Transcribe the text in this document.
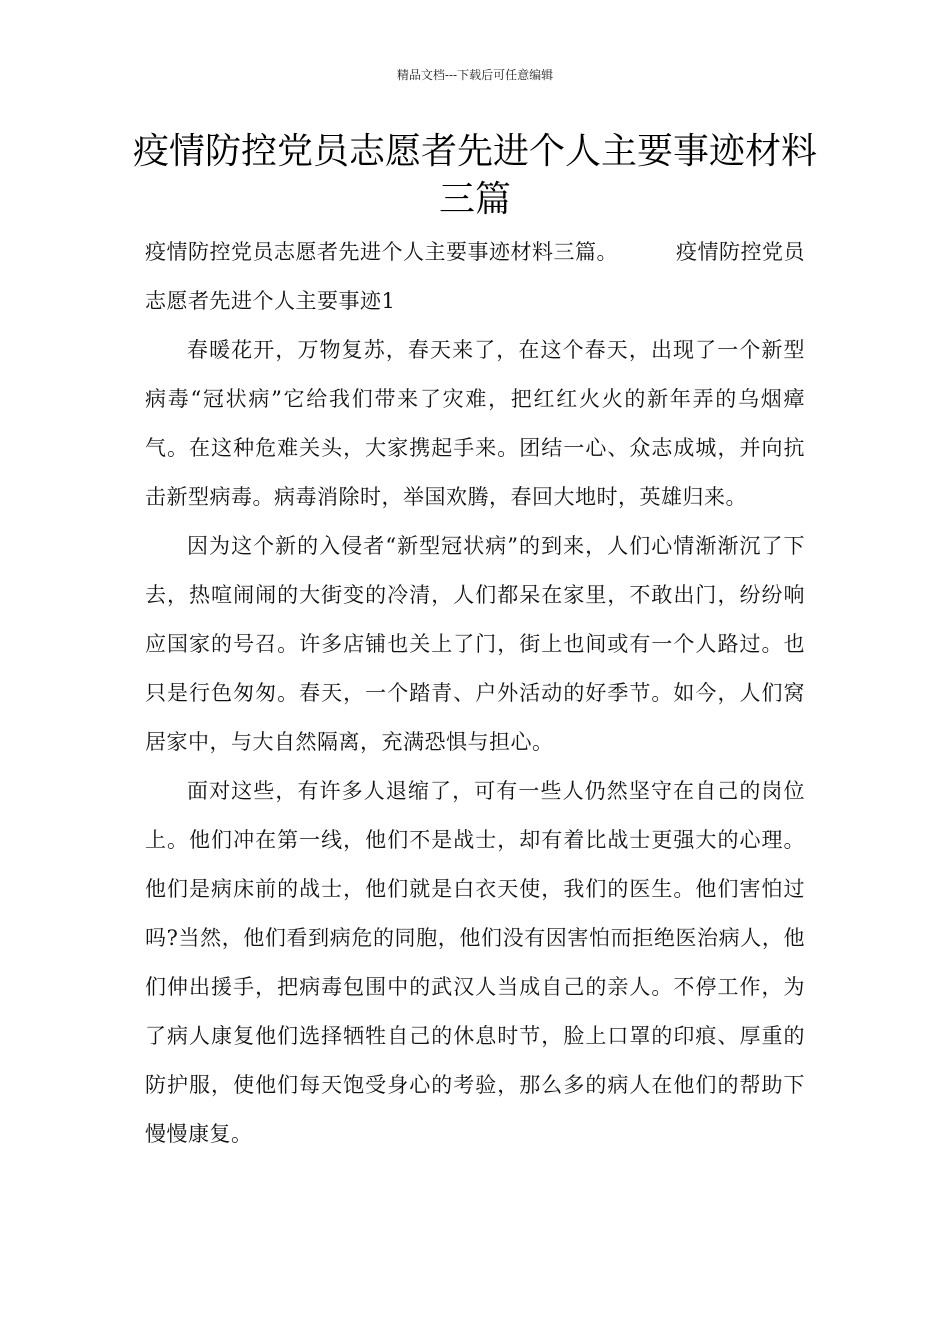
精品文档---下载后可任意编辑
疫情防控党员志愿者先进个人主要事迹材料三篇

疫情防控党员志愿者先进个人主要事迹材料三篇。	疫情防控党员志愿者先进个人主要事迹1

春暖花开，万物复苏，春天来了，在这个春天，出现了一个新型病毒“冠状病”它给我们带来了灾难，把红红火火的新年弄的乌烟瘴气。在这种危难关头，大家携起手来。团结一心、众志成城，并向抗击新型病毒。病毒消除时，举国欢腾，春回大地时，英雄归来。

因为这个新的入侵者“新型冠状病”的到来，人们心情渐渐沉了下去，热喧闹闹的大街变的冷清，人们都呆在家里，不敢出门，纷纷响应国家的号召。许多店铺也关上了门，街上也间或有一个人路过。也只是行色匆匆。春天，一个踏青、户外活动的好季节。如今，人们窝居家中，与大自然隔离，充满恐惧与担心。

面对这些，有许多人退缩了，可有一些人仍然坚守在自己的岗位上。他们冲在第一线，他们不是战士，却有着比战士更强大的心理。他们是病床前的战士，他们就是白衣天使，我们的医生。他们害怕过吗?当然，他们看到病危的同胞，他们没有因害怕而拒绝医治病人，他们伸出援手，把病毒包围中的武汉人当成自己的亲人。不停工作，为了病人康复他们选择牺牲自己的休息时节，脸上口罩的印痕、厚重的防护服，使他们每天饱受身心的考验，那么多的病人在他们的帮助下慢慢康复。
